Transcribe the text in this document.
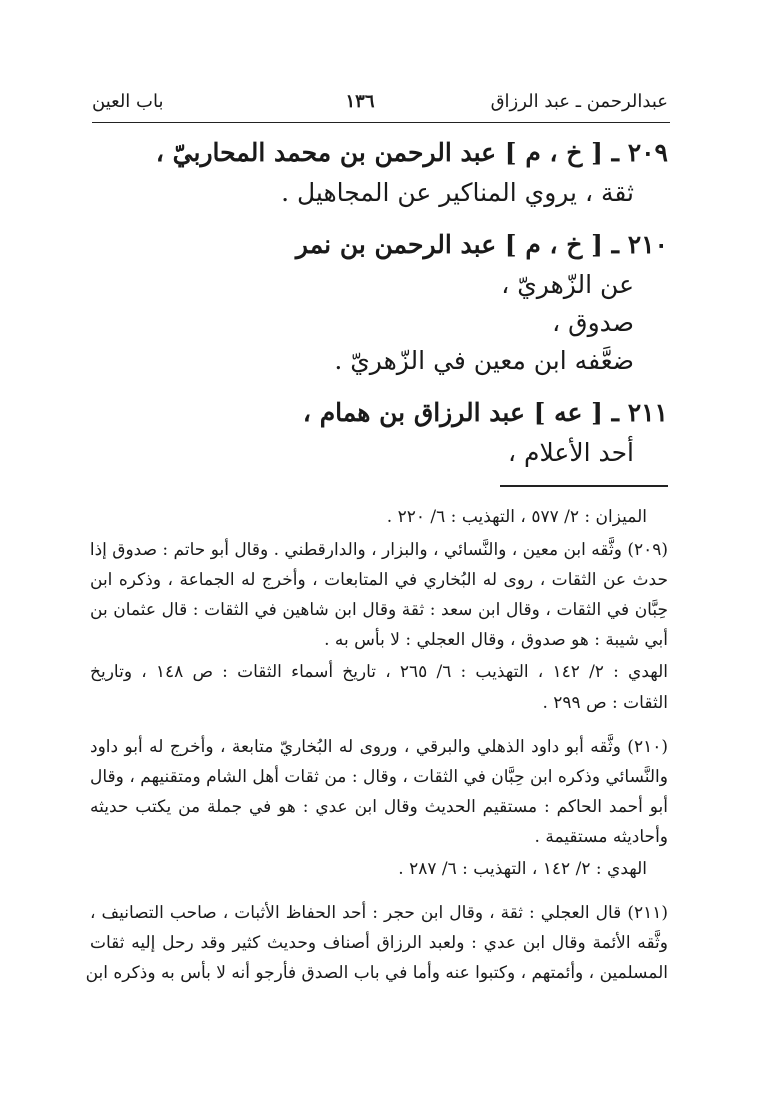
عبدالرحمن ـ عبد الرزاق
١٣٦
باب العين
٢٠٩ ـ [ خ ، م ] عبد الرحمن بن محمد المحاربيّ ،
ثقة ، يروي المناكير عن المجاهيل .
٢١٠ ـ [ خ ، م ] عبد الرحمن بن نمر
عن الزّهريّ ،
صدوق ،
ضعَّفه ابن معين في الزّهريّ .
٢١١ ـ [ عه ] عبد الرزاق بن همام ،
أحد الأعلام ،
الميزان : ٢/ ٥٧٧ ، التهذيب : ٦/ ٢٢٠ .
(٢٠٩) وثَّقه ابن معين ، والنَّسائي ، والبزار ، والدارقطني . وقال أبو حاتم : صدوق إذا
حدث عن الثقات ، روى له البُخاري في المتابعات ، وأخرج له الجماعة ، وذكره ابن
حِبَّان في الثقات ، وقال ابن سعد : ثقة وقال ابن شاهين في الثقات : قال عثمان بن
أبي شيبة : هو صدوق ، وقال العجلي : لا بأس به .
الهدي : ٢/ ١٤٢ ، التهذيب : ٦/ ٢٦٥ ، تاريخ أسماء الثقات : ص ١٤٨ ، وتاريخ
الثقات : ص ٢٩٩ .
(٢١٠) وثَّقه أبو داود الذهلي والبرقي ، وروى له البُخاريّ متابعة ، وأخرج له أبو داود
والنَّسائي وذكره ابن حِبَّان في الثقات ، وقال : من ثقات أهل الشام ومتقنيهم ، وقال
أبو أحمد الحاكم : مستقيم الحديث وقال ابن عدي : هو في جملة من يكتب حديثه
وأحاديثه مستقيمة .
الهدي : ٢/ ١٤٢ ، التهذيب : ٦/ ٢٨٧ .
(٢١١) قال العجلي : ثقة ، وقال ابن حجر : أحد الحفاظ الأثبات ، صاحب التصانيف ،
وثَّقه الأئمة وقال ابن عدي : ولعبد الرزاق أصناف وحديث كثير وقد رحل إليه ثقات
المسلمين ، وأئمتهم ، وكتبوا عنه وأما في باب الصدق فأرجو أنه لا بأس به وذكره ابن
